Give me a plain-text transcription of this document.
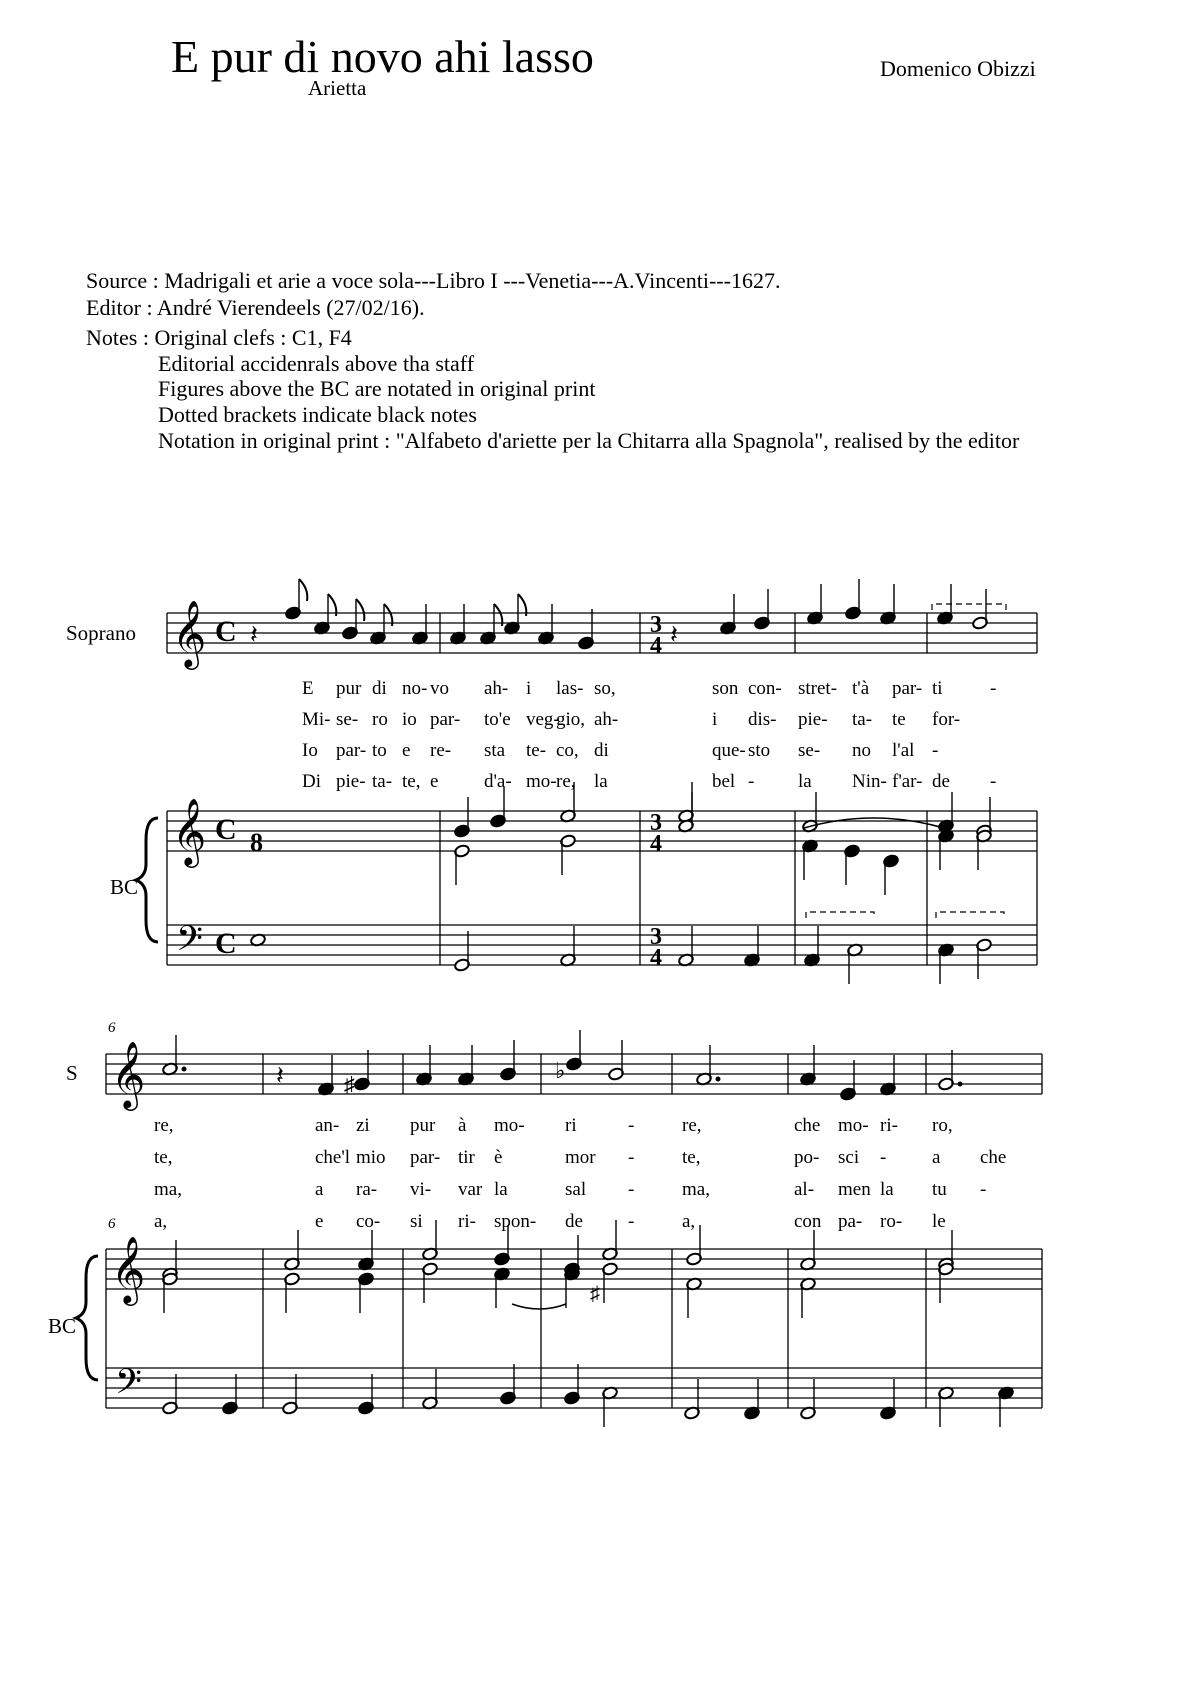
E pur di novo ahi lasso
Arietta
Domenico Obizzi
Source : Madrigali et arie a voce sola---Libro I ---Venetia---A.Vincenti---1627.
Editor : André Vierendeels (27/02/16).
Notes : Original clefs : C1, F4
Editorial accidenrals above tha staff
Figures above the BC are notated in original print
Dotted brackets indicate black notes
Notation in original print : "Alfabeto d'ariette per la Chitarra alla Spagnola", realised by the editor
Soprano
BC
S
BC
6
6
𝄞 C
𝄞 C 8
𝄢 C
3
4
3
4
3
4
𝄽	𝄽
E pur di no- vo ah- i las- so,	son con- stret- t'à par- ti -
Mi- se- ro io par- to'e veg-
gio, ah-	i dis- pie- ta- te for-
Io par- to e re- sta te- co, di	que- sto se- no l'al -
Di pie- ta- te, e d'a- mo- re, la	bel - la Nin- f'ar- de -
𝄞
𝄞
𝄢
𝄽	♯
♭
re,	an- zi pur à mo- ri	-	re,	che mo- ri- ro,
te,	che'l mio par- tir è	mor -	te,	po- sci - a che
ma,	a ra- vi- var la	sal -	ma,	al- men la tu -
a,	e co- si ri- spon- de -	a,	con pa- ro- le
♯
